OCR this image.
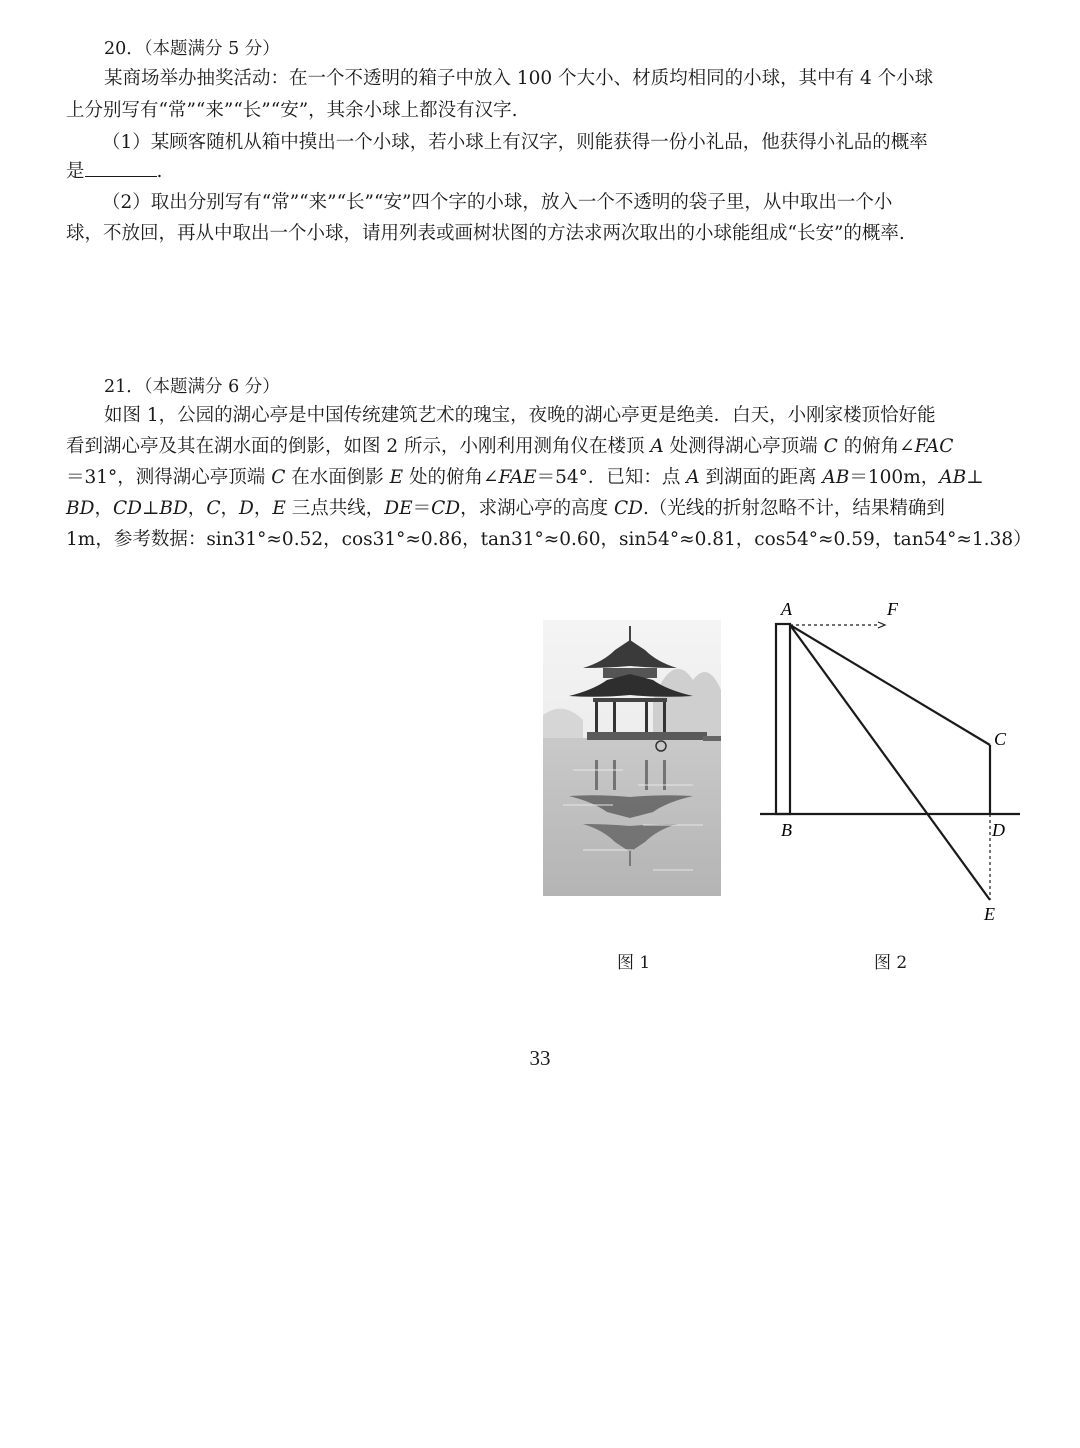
20．（本题满分 5 分）
某商场举办抽奖活动：在一个不透明的箱子中放入 100 个大小、材质均相同的小球，其中有 4 个小球
上分别写有“常”“来”“长”“安”，其余小球上都没有汉字.
（1）某顾客随机从箱中摸出一个小球，若小球上有汉字，则能获得一份小礼品，他获得小礼品的概率
是	.
（2）取出分别写有“常”“来”“长”“安”四个字的小球，放入一个不透明的袋子里，从中取出一个小
球，不放回，再从中取出一个小球，请用列表或画树状图的方法求两次取出的小球能组成“长安”的概率.
21．（本题满分 6 分）
如图 1，公园的湖心亭是中国传统建筑艺术的瑰宝，夜晚的湖心亭更是绝美．白天，小刚家楼顶恰好能
看到湖心亭及其在湖水面的倒影，如图 2 所示，小刚利用测角仪在楼顶 A 处测得湖心亭顶端 C 的俯角∠FAC
＝31°，测得湖心亭顶端 C 在水面倒影 E 处的俯角∠FAE＝54°．已知：点 A 到湖面的距离 AB＝100m，AB⊥
BD，CD⊥BD，C，D，E 三点共线，DE＝CD，求湖心亭的高度 CD.（光线的折射忽略不计，结果精确到
1m，参考数据：sin31°≈0.52，cos31°≈0.86，tan31°≈0.60，sin54°≈0.81，cos54°≈0.59，tan54°≈1.38）
A	F
C
B	D
E
图 1	图 2
33
